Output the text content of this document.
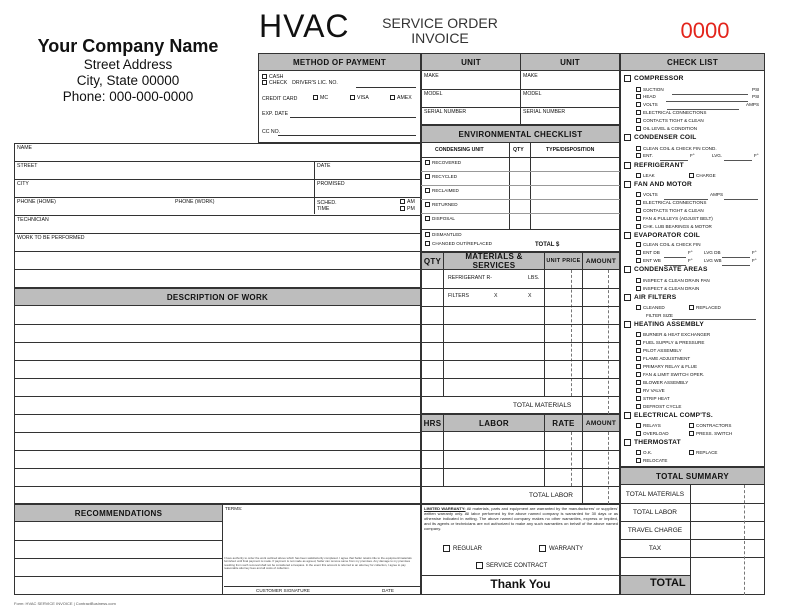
Your Company Name
Street Address
City, State 00000
Phone: 000-000-0000
HVAC SERVICE ORDER
INVOICE	0000
METHOD OF PAYMENT
CASH
CHECK DRIVER'S LIC. NO.
CREDIT CARD	MC	VISA	AMEX
EXP. DATE
CC NO.
UNIT	UNIT
MAKE
MODEL
SERIAL NUMBER
MAKE
MODEL
SERIAL NUMBER
ENVIRONMENTAL CHECKLIST
CONDENSING UNIT	QTY	TYPE/DISPOSITION
RECOVERED
RECYCLED
RECLAIMED
RETURNED
DISPOSAL
DISMANTLED
CHANGED OUT/REPLACED	TOTAL $
NAME
STREET	DATE
CITY	PROMISED
PHONE (HOME)	PHONE (WORK)	SCHED.
TIME
AM
PM
TECHNICIAN
WORK TO BE PERFORMED
DESCRIPTION OF WORK
QTY	MATERIALS & SERVICES	UNIT PRICE AMOUNT
REFRIGERANT R-	LBS.
FILTERS	X	X
TOTAL MATERIALS
HRS	LABOR	RATE	AMOUNT
TOTAL LABOR
RECOMMENDATIONS	TERMS:
I have authority to order the work outlined above which has been satisfactorily completed. I agree that Seller retains title to the equipment/materials furnished until final payment is made. If payment is not made as agreed, Seller can remove same from my premises. Any damage to my premises resulting from such removal shall not be considered a trespass. In the event this account is referred to an attorney for collection, I agree to pay reasonable attorney fees and all costs of collection.
CUSTOMER SIGNATURE	DATE
LIMITED WARRANTY: All materials, parts and equipment are warranted by the manufacturers' or suppliers' written warranty only. All labor performed by the above named company is warranted for 30 days or as otherwise indicated in writing. The above named company makes no other warranties, express or implied, and its agents or technicians are not authorized to make any such warranties on behalf of the above named company.
REGULAR	WARRANTY
SERVICE CONTRACT
Thank You
CHECK LIST
COMPRESSOR
SUCTION	PSI
HEAD	PSI
VOLTS	AMPS
ELECTRICAL CONNECTIONS
CONTACTS TIGHT & CLEAN
OIL LEVEL & CONDITION
CONDENSER COIL
CLEAN COIL & CHECK FIN COND.
ENT.	F°	LVG.	F°
REFRIGERANT
LEAK	CHARGE
FAN AND MOTOR
VOLTS	AMPS
ELECTRICAL CONNECTIONS
CONTACTS TIGHT & CLEAN
FAN & PULLEYS (ADJUST BELT)
CHK. LUB BEARINGS & MOTOR
EVAPORATOR COIL
CLEAN COIL & CHECK FIN
ENT DB	F° LVG DB	F°
ENT WB	F° LVG WB	F°
CONDENSATE AREAS
INSPECT & CLEAN DRAIN PAN
INSPECT & CLEAN DRAIN
AIR FILTERS
CLEANED	REPLACED
FILTER SIZE
HEATING ASSEMBLY
BURNER & HEAT EXCHANGER
FUEL SUPPLY & PRESSURE
PILOT ASSEMBLY
FLAME ADJUSTMENT
PRIMARY RELAY & FLUE
FAN & LIMIT SWITCH OPER.
BLOWER ASSEMBLY
RV VALVE
STRIP HEAT
DEFROST CYCLE
ELECTRICAL COMP'TS.
RELAYS	CONTRACTORS
OVERLOAD	PRESS. SWITCH
THERMOSTAT
O.K.	REPLACE
RELOCATE
TOTAL SUMMARY
TOTAL MATERIALS
TOTAL LABOR
TRAVEL CHARGE
TAX
TOTAL
Form: HVAC SERVICE INVOICE | ContractBusiness.com
